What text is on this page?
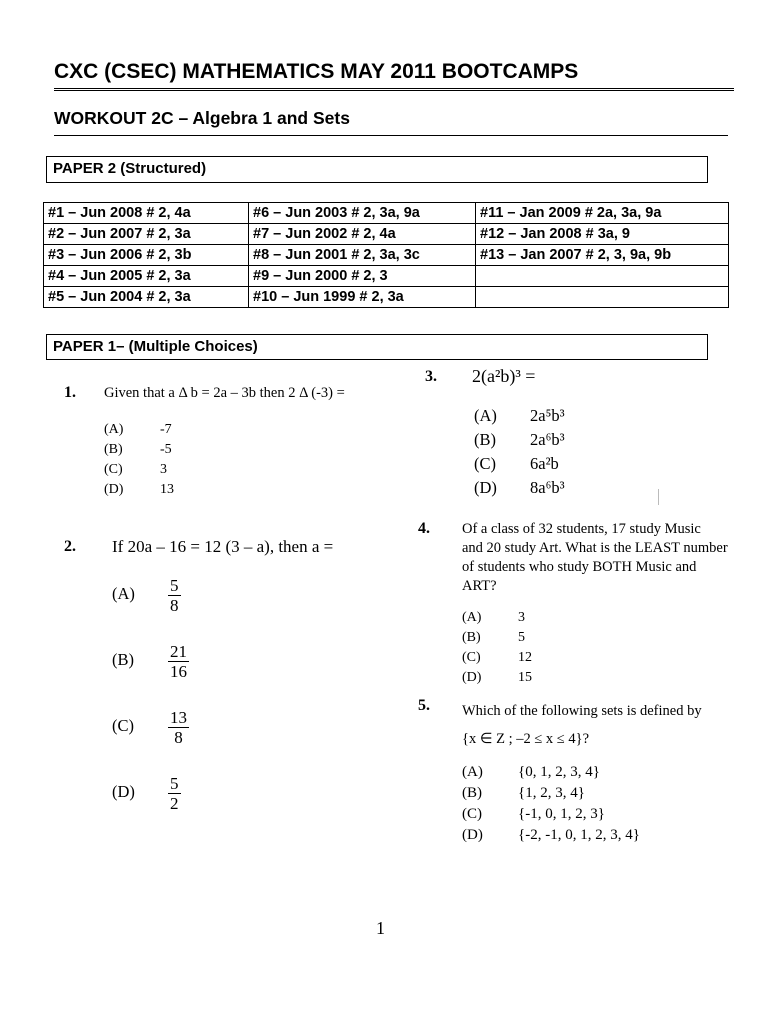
CXC (CSEC) MATHEMATICS MAY 2011 BOOTCAMPS
WORKOUT 2C – Algebra 1 and Sets
PAPER 2 (Structured)
#1 – Jun 2008 # 2, 4a	#6 – Jun 2003 # 2, 3a, 9a	#11 – Jan 2009 # 2a, 3a, 9a
#2 – Jun 2007 # 2, 3a	#7 – Jun 2002 # 2, 4a	#12 – Jan 2008 # 3a, 9
#3 – Jun 2006 # 2, 3b	#8 – Jun 2001 # 2, 3a, 3c	#13 – Jan 2007 # 2, 3, 9a, 9b
#4 – Jun 2005 # 2, 3a	#9 – Jun 2000 # 2, 3	
#5 – Jun 2004 # 2, 3a	#10 – Jun 1999 # 2, 3a	
PAPER 1– (Multiple Choices)
1. Given that a Δ b = 2a – 3b then 2 Δ (-3) =
(A)	-7
(B)	-5
(C)	3
(D)	13
2. If 20a – 16 = 12 (3 – a), then a =
$(A) \frac{5}{8}$
$(B) \frac{21}{16}$
$(C) \frac{13}{8}$
$(D) \frac{5}{2}$
3. 2(a²b)³ =
(A) 2a⁵b³
(B) 2a⁶b³
(C) 6a²b
(D) 8a⁶b³
4. Of a class of 32 students, 17 study Music
and 20 study Art. What is the LEAST number
of students who study BOTH Music and
ART?
(A)	3
(B)	5
(C)	12
(D)	15
5. Which of the following sets is defined by
{x ∈ Z ; –2 ≤ x ≤ 4}?
(A) {0, 1, 2, 3, 4}
(B) {1, 2, 3, 4}
(C) {-1, 0, 1, 2, 3}
(D) {-2, -1, 0, 1, 2, 3, 4}
1
